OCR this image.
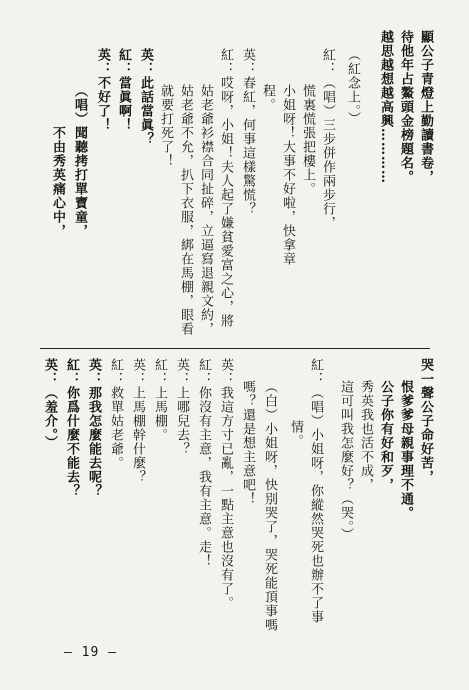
顯公子青燈上勤讀書卷，
待他年占鰲頭金榜題名。
越思越想越高興…………
（紅念上。）
紅：（唱）三步併作兩步行，
慌裏慌張把樓上。
小姐呀！大事不好啦，快拿章
程。
英：春紅，何事這樣驚慌？
紅：哎呀，小姐！夫人起了嫌貧愛富之心，將
姑老爺衫襟合同扯碎，立逼寫退親文約，
姑老爺不允，扒下衣服，綁在馬棚，眼看
就要打死了！
英：此話當眞？
紅：當眞啊！
英：不好了！
（唱）聞聽拷打單寶童，
不由秀英痛心中，
哭一聲公子命好苦，
恨爹爹母親事理不通。
公子你有好和歹，
秀英我也活不成，
這可叫我怎麼好？（哭。）
紅：（唱）小姐呀，你縱然哭死也辦不了事
情。
（白）小姐呀，快別哭了，哭死能頂事嗎
嗎？還是想主意吧！
英：我這方寸已亂，一點主意也沒有了。
紅：你沒有主意，我有主意。走！
英：上哪兒去？
紅：上馬棚。
英：上馬棚幹什麼？
紅：救單姑老爺。
英：那我怎麼能去呢？
紅：你爲什麼不能去？
英：（羞介。）
— 19 —
